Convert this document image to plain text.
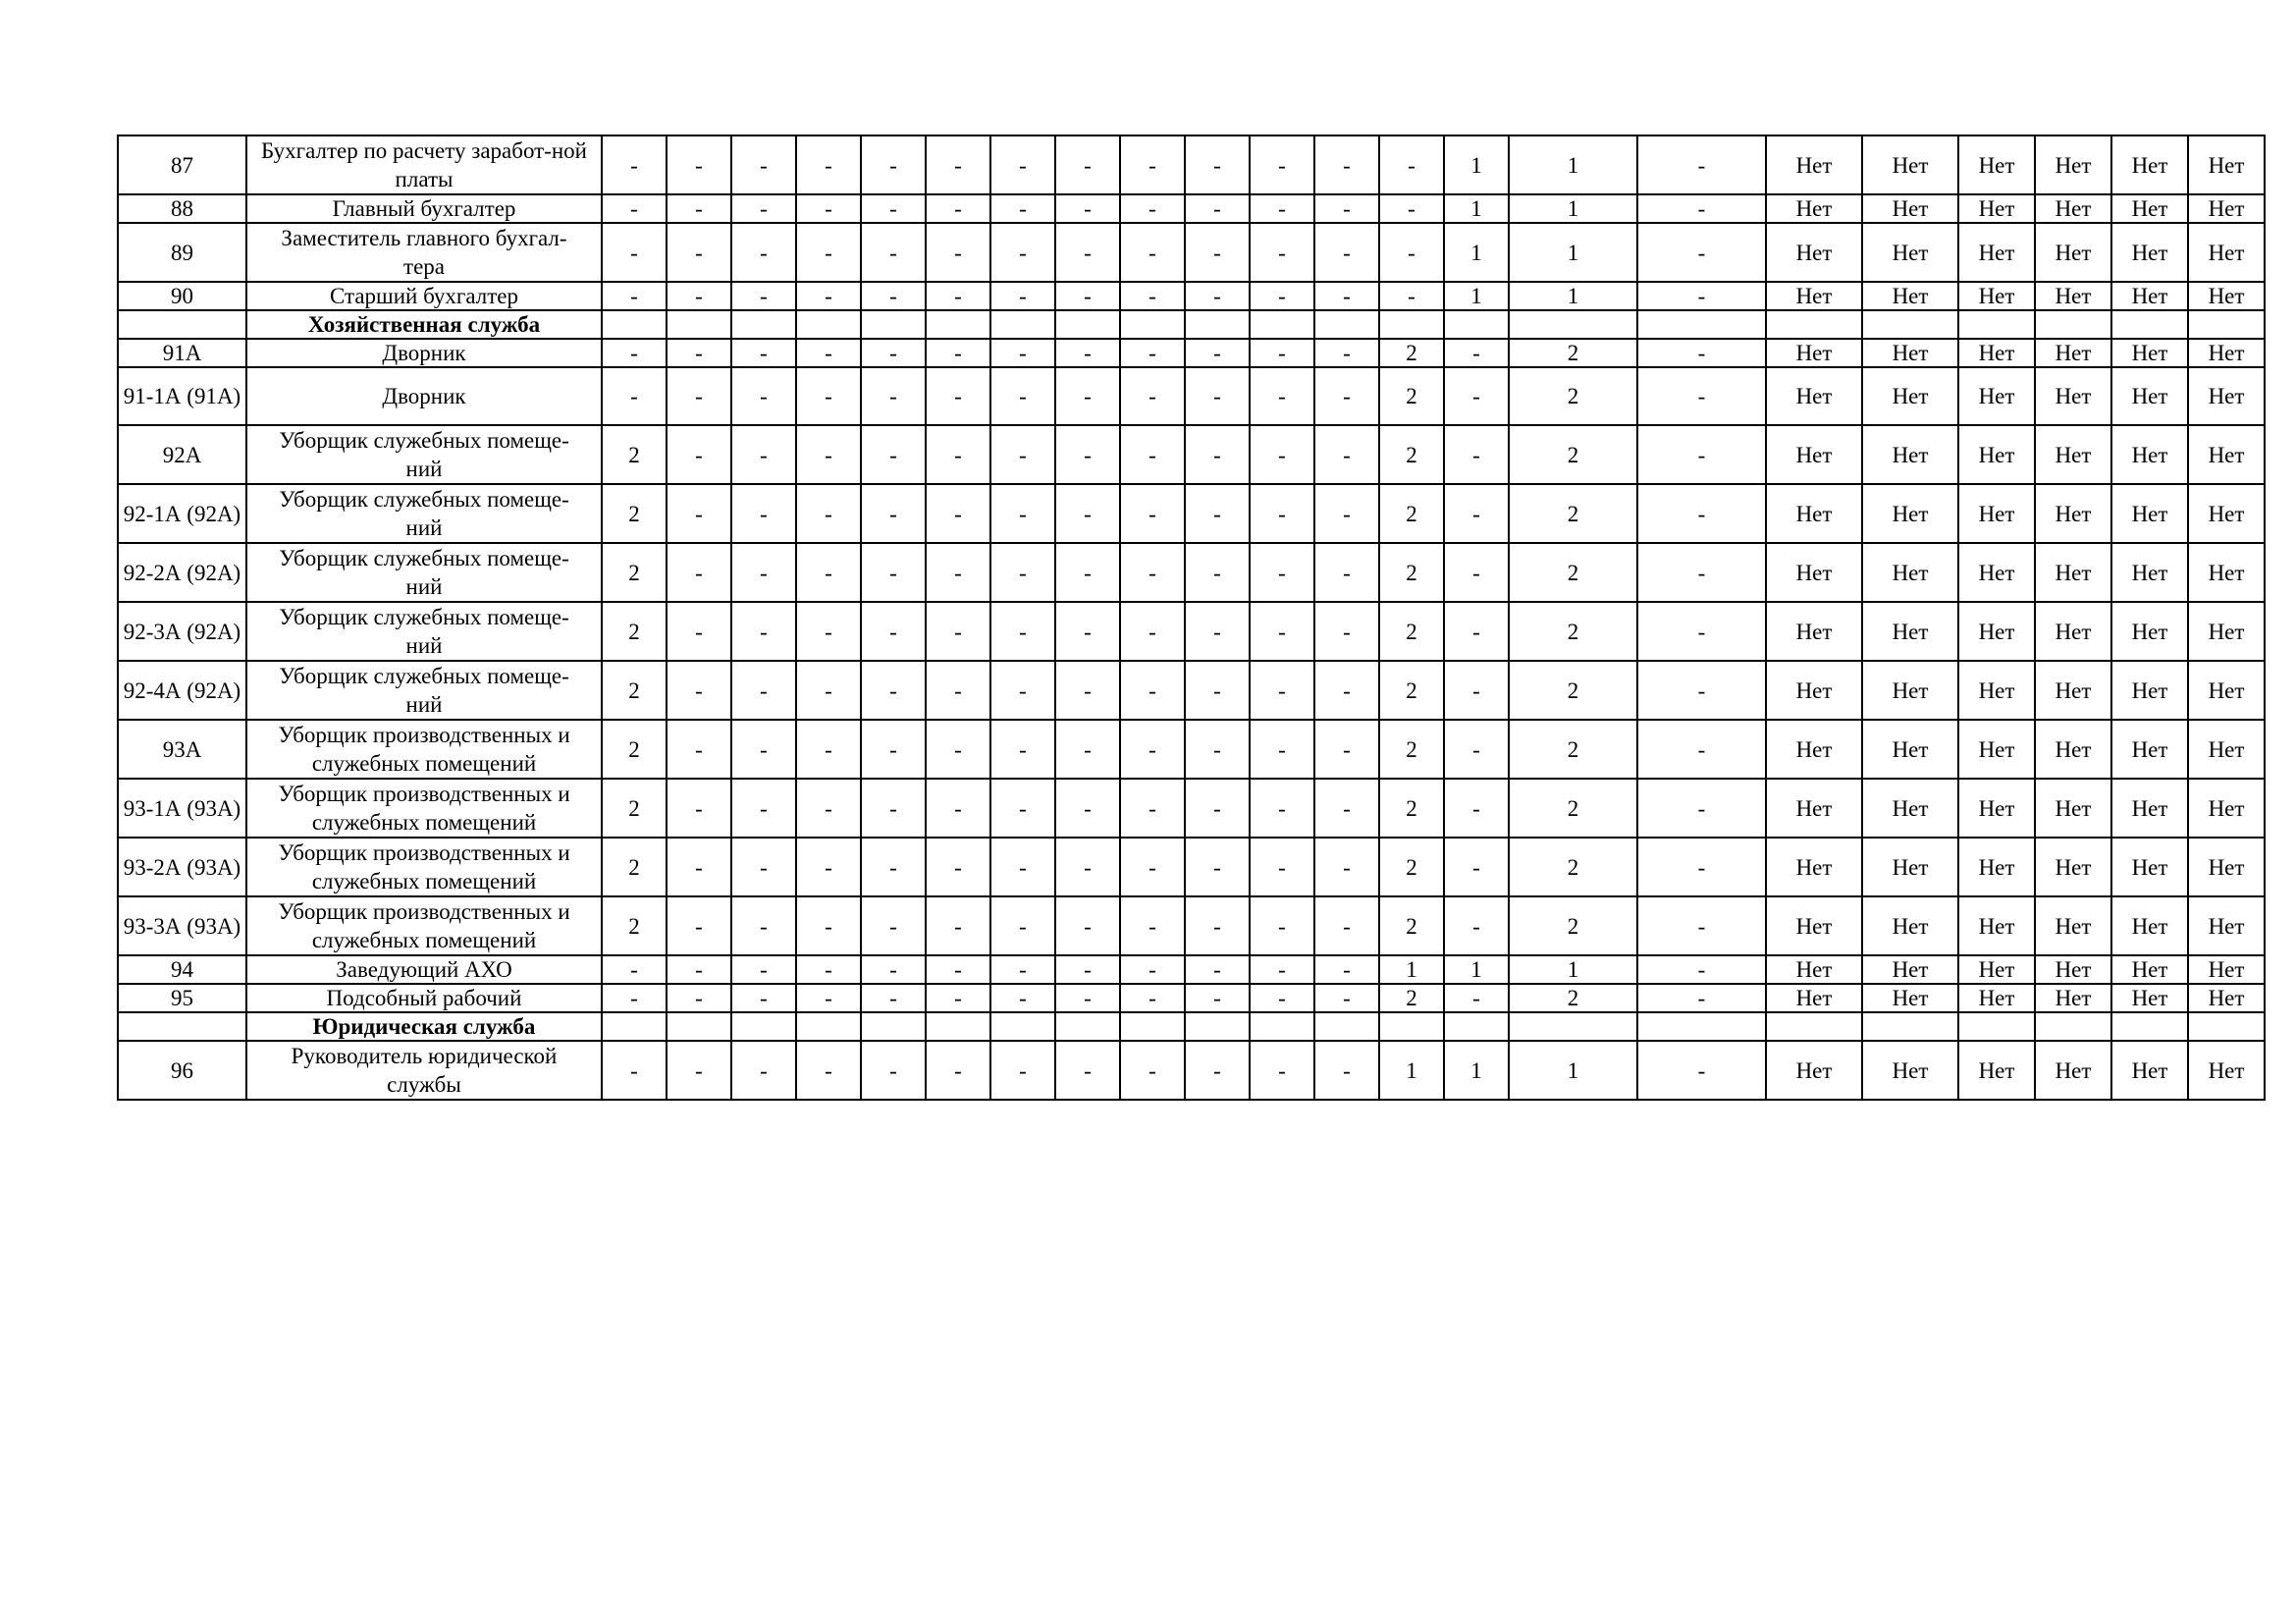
87	Бухгалтер по расчету заработ-ной платы	-	-	-	-	-	-	-	-	-	-	-	-	-	1	1	-	Нет	Нет	Нет	Нет	Нет	Нет
88	Главный бухгалтер	-	-	-	-	-	-	-	-	-	-	-	-	-	1	1	-	Нет	Нет	Нет	Нет	Нет	Нет
89	Заместитель главного бухгал-тера	-	-	-	-	-	-	-	-	-	-	-	-	-	1	1	-	Нет	Нет	Нет	Нет	Нет	Нет
90	Старший бухгалтер	-	-	-	-	-	-	-	-	-	-	-	-	-	1	1	-	Нет	Нет	Нет	Нет	Нет	Нет
	Хозяйственная служба																						
91А	Дворник	-	-	-	-	-	-	-	-	-	-	-	-	2	-	2	-	Нет	Нет	Нет	Нет	Нет	Нет
91-1А (91А)	Дворник	-	-	-	-	-	-	-	-	-	-	-	-	2	-	2	-	Нет	Нет	Нет	Нет	Нет	Нет
92А	Уборщик служебных помеще-ний	2	-	-	-	-	-	-	-	-	-	-	-	2	-	2	-	Нет	Нет	Нет	Нет	Нет	Нет
92-1А (92А)	Уборщик служебных помеще-ний	2	-	-	-	-	-	-	-	-	-	-	-	2	-	2	-	Нет	Нет	Нет	Нет	Нет	Нет
92-2А (92А)	Уборщик служебных помеще-ний	2	-	-	-	-	-	-	-	-	-	-	-	2	-	2	-	Нет	Нет	Нет	Нет	Нет	Нет
92-3А (92А)	Уборщик служебных помеще-ний	2	-	-	-	-	-	-	-	-	-	-	-	2	-	2	-	Нет	Нет	Нет	Нет	Нет	Нет
92-4А (92А)	Уборщик служебных помеще-ний	2	-	-	-	-	-	-	-	-	-	-	-	2	-	2	-	Нет	Нет	Нет	Нет	Нет	Нет
93А	Уборщик производственных и служебных помещений	2	-	-	-	-	-	-	-	-	-	-	-	2	-	2	-	Нет	Нет	Нет	Нет	Нет	Нет
93-1А (93А)	Уборщик производственных и служебных помещений	2	-	-	-	-	-	-	-	-	-	-	-	2	-	2	-	Нет	Нет	Нет	Нет	Нет	Нет
93-2А (93А)	Уборщик производственных и служебных помещений	2	-	-	-	-	-	-	-	-	-	-	-	2	-	2	-	Нет	Нет	Нет	Нет	Нет	Нет
93-3А (93А)	Уборщик производственных и служебных помещений	2	-	-	-	-	-	-	-	-	-	-	-	2	-	2	-	Нет	Нет	Нет	Нет	Нет	Нет
94	Заведующий АХО	-	-	-	-	-	-	-	-	-	-	-	-	1	1	1	-	Нет	Нет	Нет	Нет	Нет	Нет
95	Подсобный рабочий	-	-	-	-	-	-	-	-	-	-	-	-	2	-	2	-	Нет	Нет	Нет	Нет	Нет	Нет
	Юридическая служба																						
96	Руководитель юридической службы	-	-	-	-	-	-	-	-	-	-	-	-	1	1	1	-	Нет	Нет	Нет	Нет	Нет	Нет
